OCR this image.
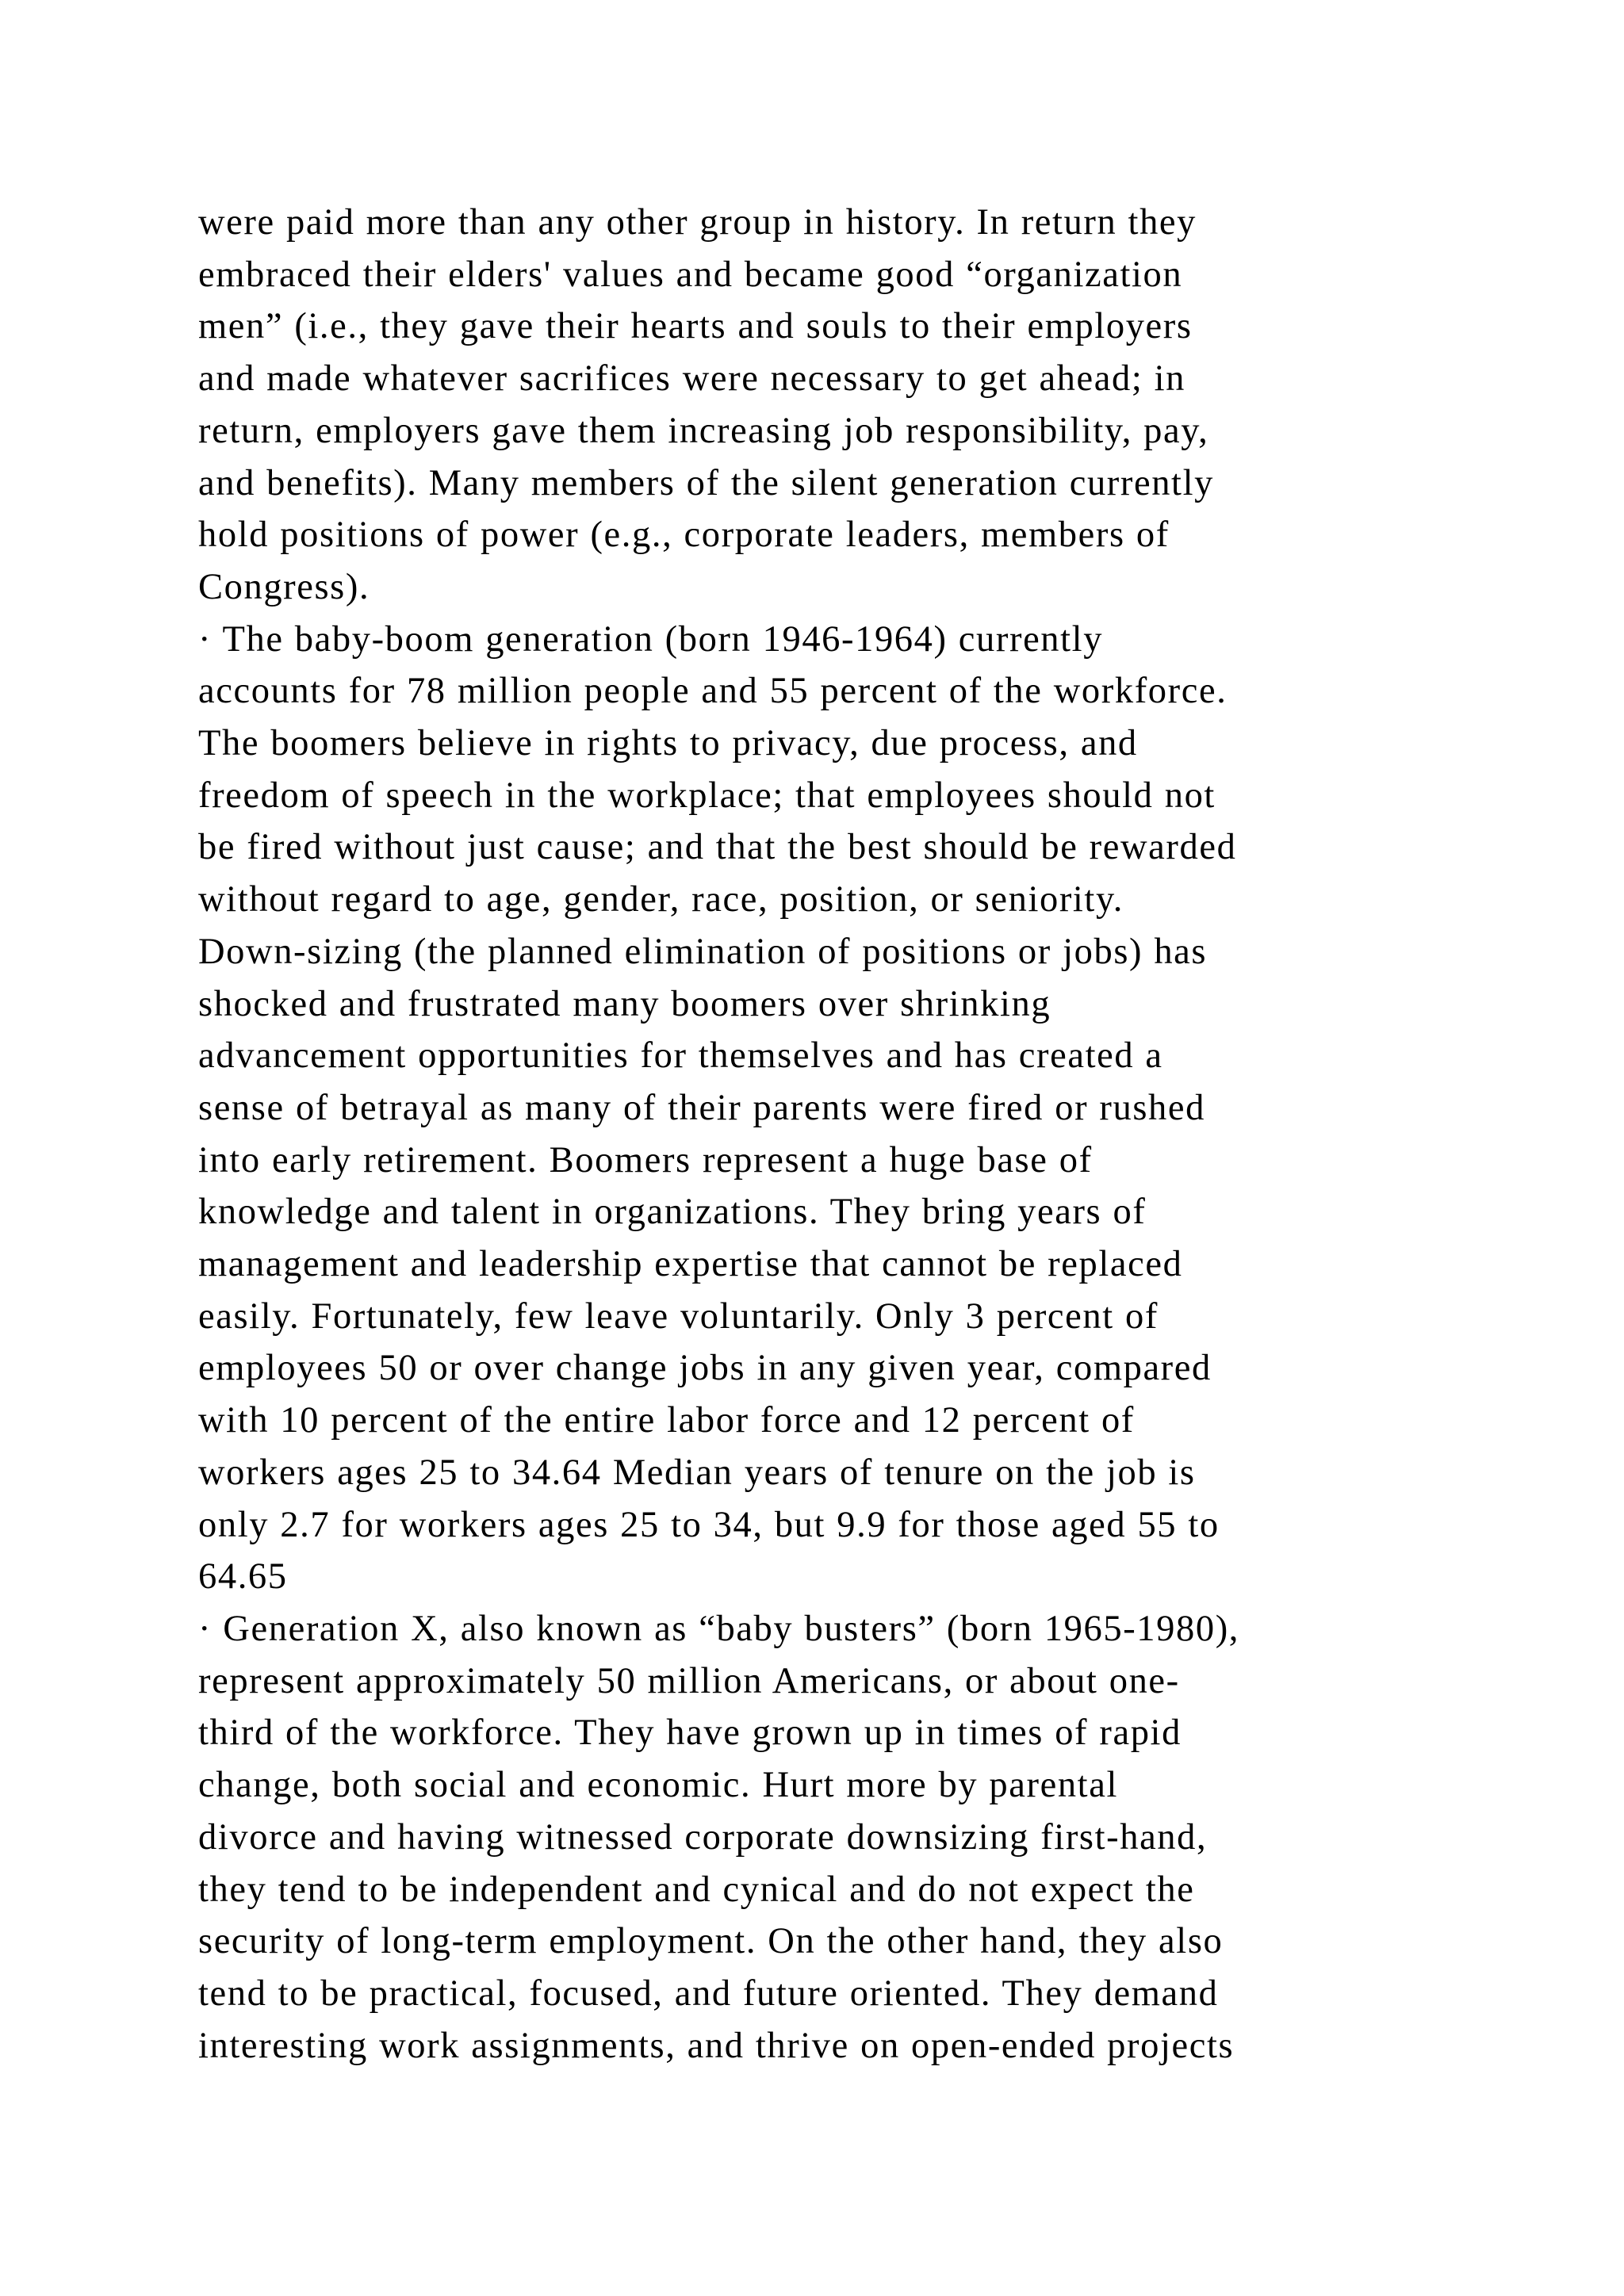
were paid more than any other group in history. In return they
embraced their elders' values and became good “organization
men” (i.e., they gave their hearts and souls to their employers
and made whatever sacrifices were necessary to get ahead; in
return, employers gave them increasing job responsibility, pay,
and benefits). Many members of the silent generation currently
hold positions of power (e.g., corporate leaders, members of
Congress).
· The baby-boom generation (born 1946-1964) currently
accounts for 78 million people and 55 percent of the workforce.
The boomers believe in rights to privacy, due process, and
freedom of speech in the workplace; that employees should not
be fired without just cause; and that the best should be rewarded
without regard to age, gender, race, position, or seniority.
Down-sizing (the planned elimination of positions or jobs) has
shocked and frustrated many boomers over shrinking
advancement opportunities for themselves and has created a
sense of betrayal as many of their parents were fired or rushed
into early retirement. Boomers represent a huge base of
knowledge and talent in organizations. They bring years of
management and leadership expertise that cannot be replaced
easily. Fortunately, few leave voluntarily. Only 3 percent of
employees 50 or over change jobs in any given year, compared
with 10 percent of the entire labor force and 12 percent of
workers ages 25 to 34.64 Median years of tenure on the job is
only 2.7 for workers ages 25 to 34, but 9.9 for those aged 55 to
64.65
· Generation X, also known as “baby busters” (born 1965-1980),
represent approximately 50 million Americans, or about one-
third of the workforce. They have grown up in times of rapid
change, both social and economic. Hurt more by parental
divorce and having witnessed corporate downsizing first-hand,
they tend to be independent and cynical and do not expect the
security of long-term employment. On the other hand, they also
tend to be practical, focused, and future oriented. They demand
interesting work assignments, and thrive on open-ended projects
